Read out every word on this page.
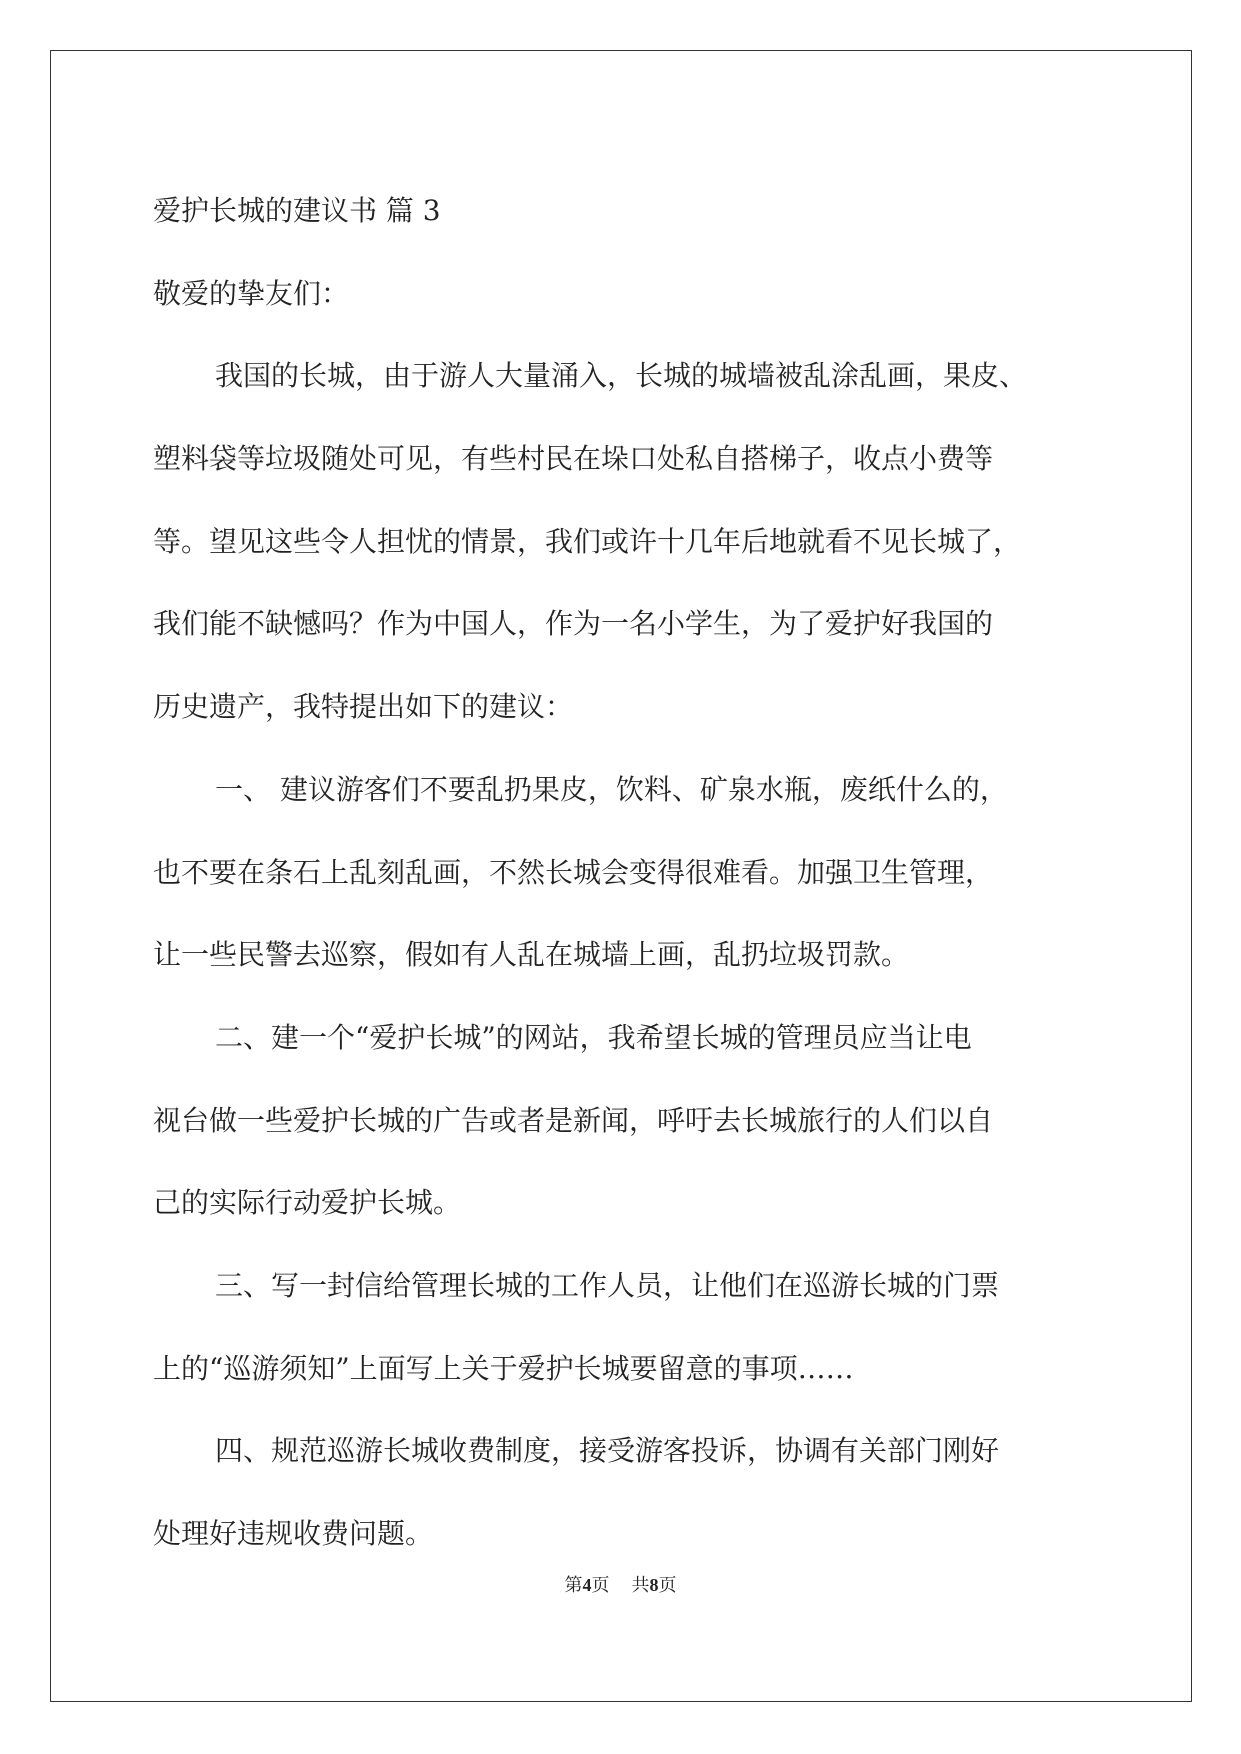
爱护长城的建议书 篇 3
敬爱的挚友们：
我国的长城，由于游人大量涌入，长城的城墙被乱涂乱画，果皮、
塑料袋等垃圾随处可见，有些村民在垛口处私自搭梯子，收点小费等
等。望见这些令人担忧的情景，我们或许十几年后地就看不见长城了，
我们能不缺憾吗？作为中国人，作为一名小学生，为了爱护好我国的
历史遗产，我特提出如下的建议：
一、 建议游客们不要乱扔果皮，饮料、矿泉水瓶，废纸什么的，
也不要在条石上乱刻乱画，不然长城会变得很难看。加强卫生管理，
让一些民警去巡察，假如有人乱在城墙上画，乱扔垃圾罚款。
二、建一个“爱护长城”的网站，我希望长城的管理员应当让电
视台做一些爱护长城的广告或者是新闻，呼吁去长城旅行的人们以自
己的实际行动爱护长城。
三、写一封信给管理长城的工作人员，让他们在巡游长城的门票
上的“巡游须知”上面写上关于爱护长城要留意的事项……
四、规范巡游长城收费制度，接受游客投诉，协调有关部门刚好
处理好违规收费问题。
第4页 共8页
